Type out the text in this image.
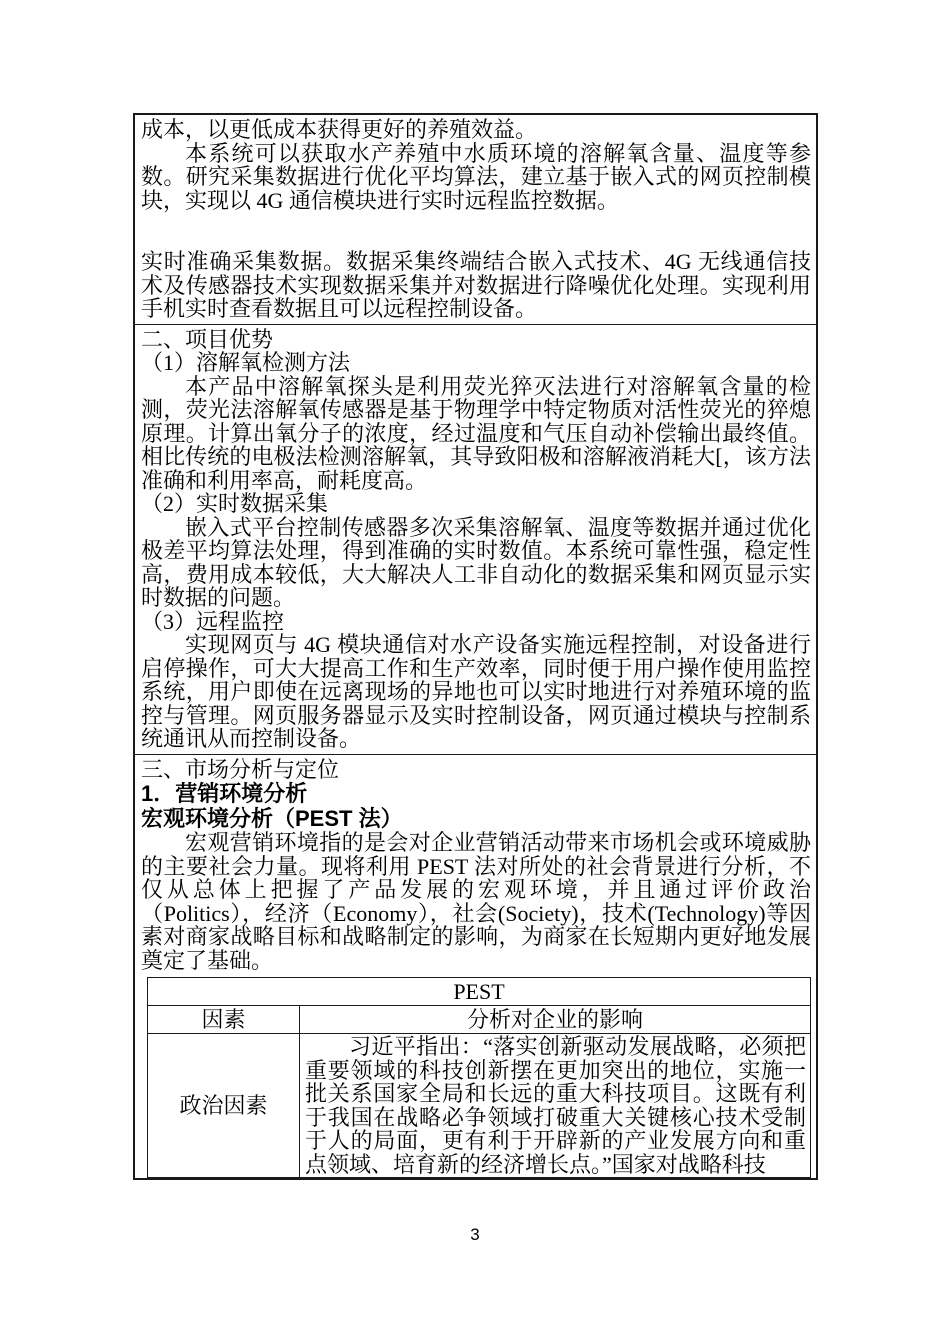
成本，以更低成本获得更好的养殖效益。

本系统可以获取水产养殖中水质环境的溶解氧含量、温度等参数。研究采集数据进行优化平均算法，建立基于嵌入式的网页控制模块，实现以 4G 通信模块进行实时远程监控数据。

实时准确采集数据。数据采集终端结合嵌入式技术、4G 无线通信技术及传感器技术实现数据采集并对数据进行降噪优化处理。实现利用手机实时查看数据且可以远程控制设备。

二、项目优势

（1）溶解氧检测方法

本产品中溶解氧探头是利用荧光猝灭法进行对溶解氧含量的检测，荧光法溶解氧传感器是基于物理学中特定物质对活性荧光的猝熄原理。计算出氧分子的浓度，经过温度和气压自动补偿输出最终值。相比传统的电极法检测溶解氧，其导致阳极和溶解液消耗大[，该方法准确和利用率高，耐耗度高。

（2）实时数据采集

嵌入式平台控制传感器多次采集溶解氧、温度等数据并通过优化极差平均算法处理，得到准确的实时数值。本系统可靠性强，稳定性高，费用成本较低，大大解决人工非自动化的数据采集和网页显示实时数据的问题。

（3）远程监控

实现网页与 4G 模块通信对水产设备实施远程控制，对设备进行启停操作，可大大提高工作和生产效率，同时便于用户操作使用监控系统，用户即使在远离现场的异地也可以实时地进行对养殖环境的监控与管理。网页服务器显示及实时控制设备，网页通过模块与控制系统通讯从而控制设备。

三、市场分析与定位

1．营销环境分析

宏观环境分析（PEST 法）

宏观营销环境指的是会对企业营销活动带来市场机会或环境威胁的主要社会力量。现将利用 PEST 法对所处的社会背景进行分析，不仅从总体上把握了产品发展的宏观环境，并且通过评价政治（Politics），经济（Economy），社会(Society)，技术(Technology)等因素对商家战略目标和战略制定的影响，为商家在长短期内更好地发展奠定了基础。

PEST	
因素	分析对企业的影响
政治因素	习近平指出：“落实创新驱动发展战略，必须把重要领域的科技创新摆在更加突出的地位，实施一批关系国家全局和长远的重大科技项目。这既有利于我国在战略必争领域打破重大关键核心技术受制于人的局面，更有利于开辟新的产业发展方向和重点领域、培育新的经济增长点。”国家对战略科技

3
